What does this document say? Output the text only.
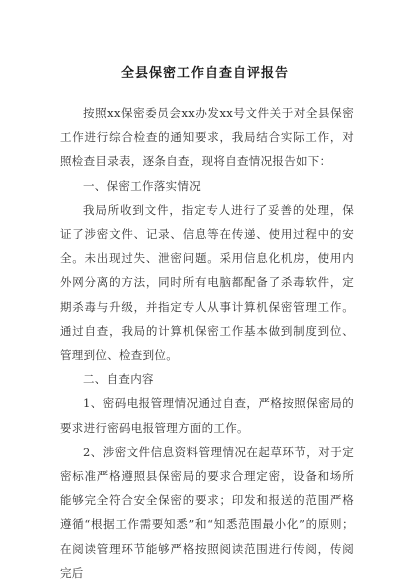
全县保密工作自查自评报告

按照xx保密委员会xx办发xx号文件关于对全县保密工作进行综合检查的通知要求，我局结合实际工作，对照检查目录表，逐条自查，现将自查情况报告如下：

一、保密工作落实情况

我局所收到文件，指定专人进行了妥善的处理，保证了涉密文件、记录、信息等在传递、使用过程中的安全。未出现过失、泄密问题。采用信息化机房，使用内外网分离的方法，同时所有电脑都配备了杀毒软件，定期杀毒与升级，并指定专人从事计算机保密管理工作。通过自查，我局的计算机保密工作基本做到制度到位、管理到位、检查到位。

二、自查内容

1、密码电报管理情况通过自查，严格按照保密局的要求进行密码电报管理方面的工作。

2、涉密文件信息资料管理情况在起草环节，对于定密标准严格遵照县保密局的要求合理定密，设备和场所能够完全符合安全保密的要求；印发和报送的范围严格遵循“根据工作需要知悉”和“知悉范围最小化”的原则；在阅读管理环节能够严格按照阅读范围进行传阅，传阅完后
